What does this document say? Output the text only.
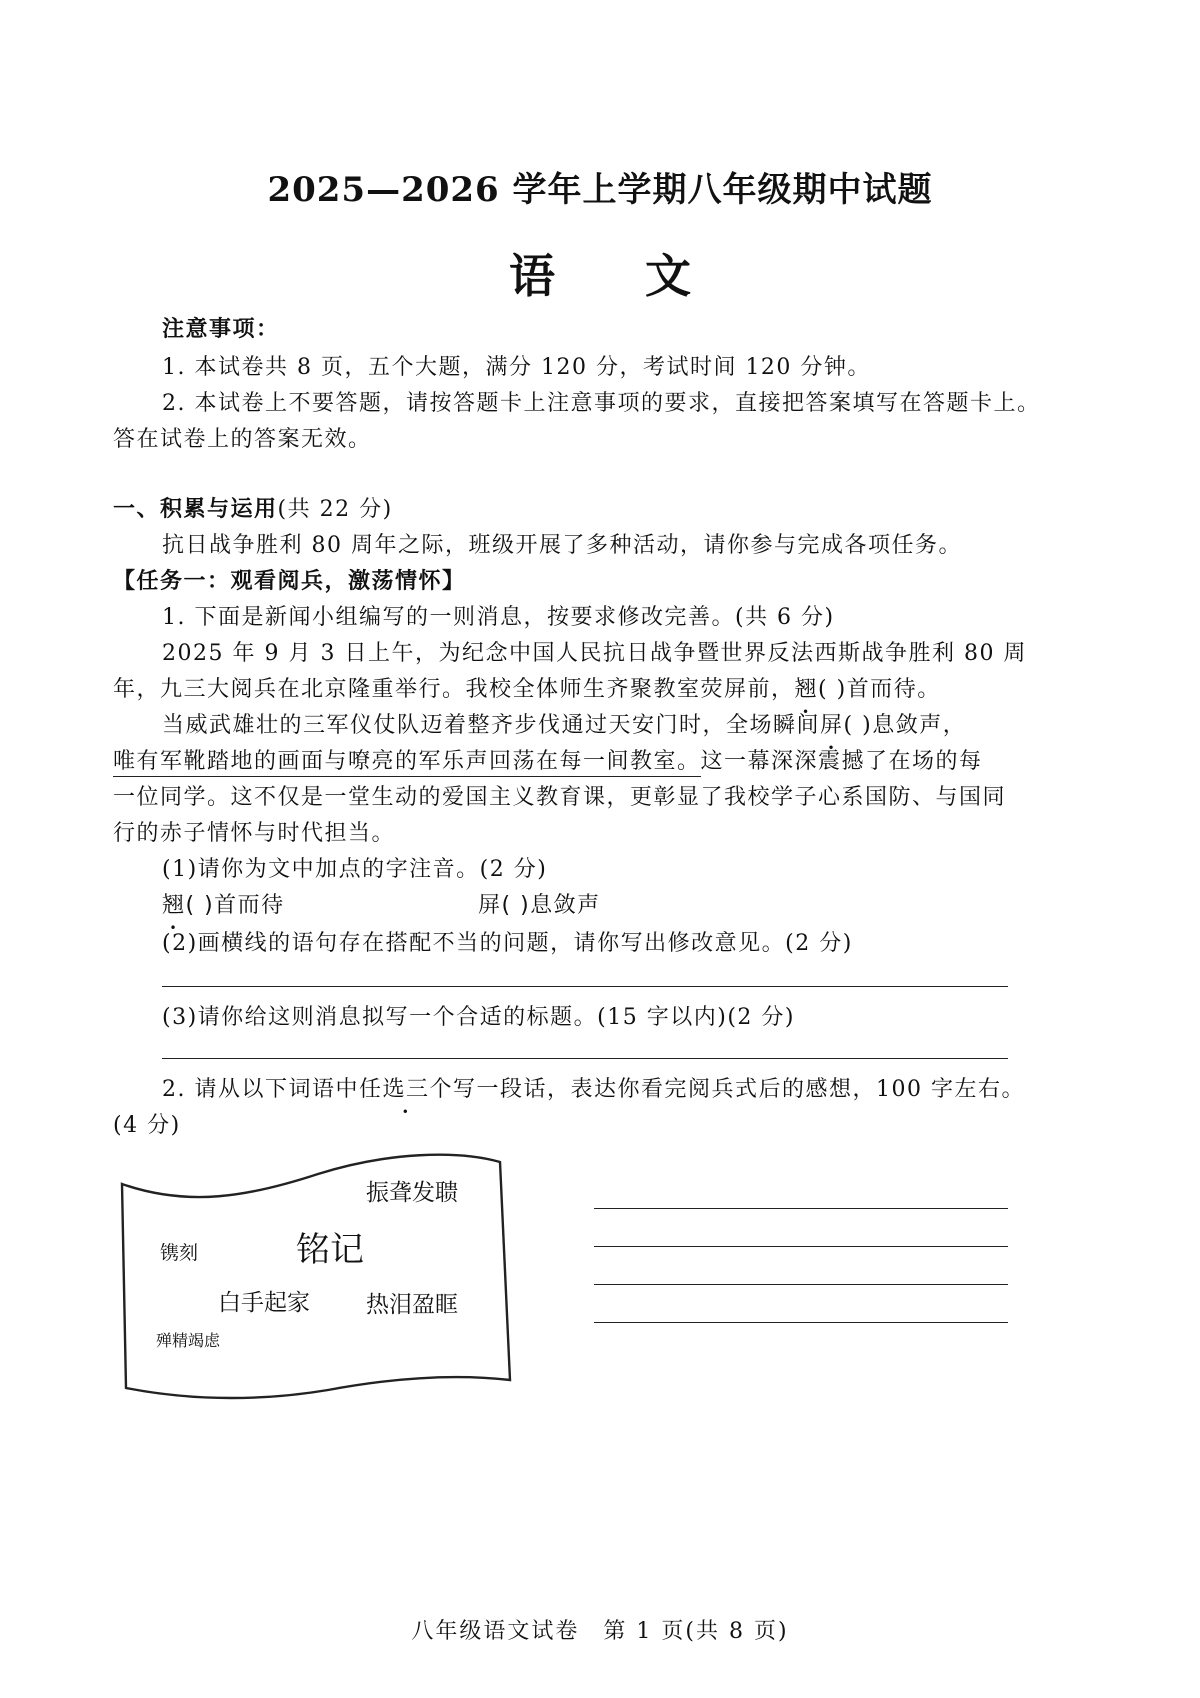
2025—2026 学年上学期八年级期中试题
语文
注意事项：
1. 本试卷共 8 页，五个大题，满分 120 分，考试时间 120 分钟。
2. 本试卷上不要答题，请按答题卡上注意事项的要求，直接把答案填写在答题卡上。
答在试卷上的答案无效。
一、积累与运用(共 22 分)
抗日战争胜利 80 周年之际，班级开展了多种活动，请你参与完成各项任务。
【任务一：观看阅兵，激荡情怀】
1. 下面是新闻小组编写的一则消息，按要求修改完善。(共 6 分)
2025 年 9 月 3 日上午，为纪念中国人民抗日战争暨世界反法西斯战争胜利 80 周
年，九三大阅兵在北京隆重举行。我校全体师生齐聚教室荧屏前，翘( )首而待。
当威武雄壮的三军仪仗队迈着整齐步伐通过天安门时，全场瞬间屏( )息敛声，
唯有军靴踏地的画面与嘹亮的军乐声回荡在每一间教室。这一幕深深震撼了在场的每
一位同学。这不仅是一堂生动的爱国主义教育课，更彰显了我校学子心系国防、与国同
行的赤子情怀与时代担当。
(1)请你为文中加点的字注音。(2 分)
翘( )首而待	屏( )息敛声
(2)画横线的语句存在搭配不当的问题，请你写出修改意见。(2 分)
(3)请你给这则消息拟写一个合适的标题。(15 字以内)(2 分)
2. 请从以下词语中任选三个写一段话，表达你看完阅兵式后的感想，100 字左右。
(4 分)
振聋发聩
镌刻	铭记
白手起家 热泪盈眶
殚精竭虑
八年级语文试卷　第 1 页(共 8 页)
